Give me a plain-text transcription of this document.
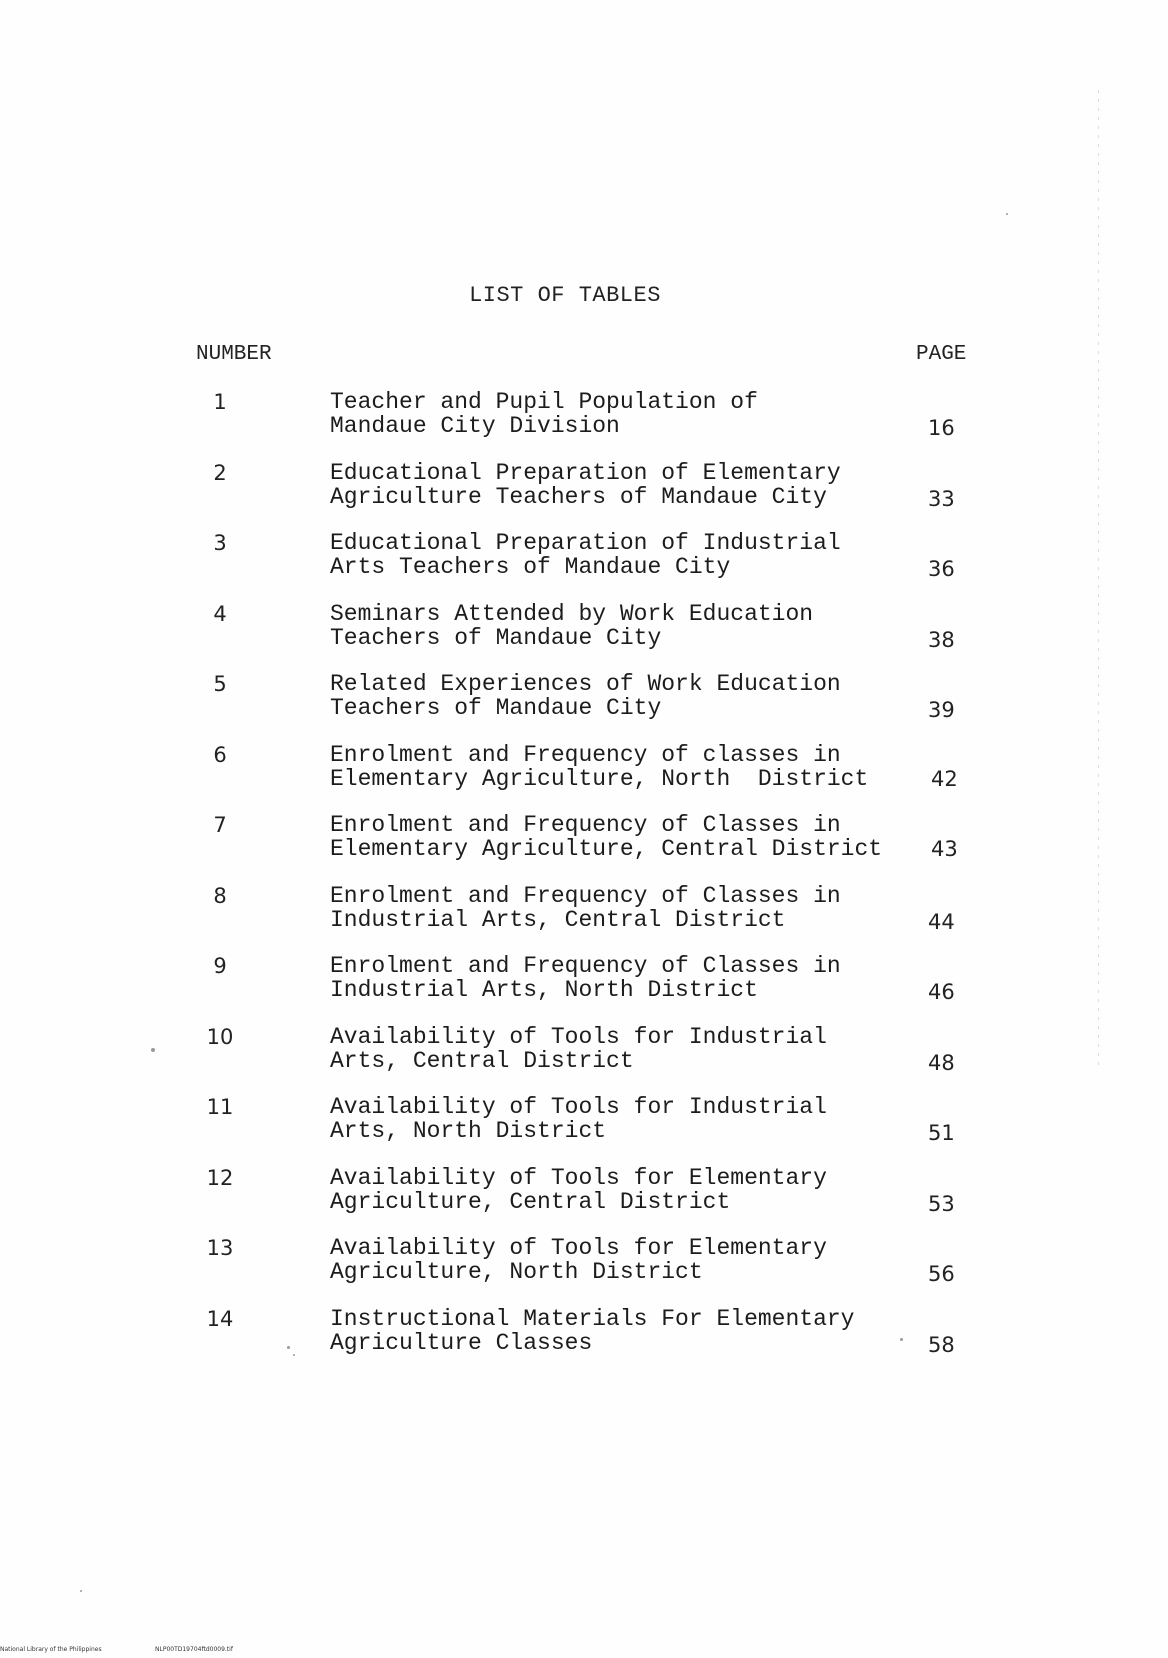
LIST OF TABLES
NUMBER	PAGE
1	Teacher and Pupil Population of
Mandaue City Division	16
2	Educational Preparation of Elementary
Agriculture Teachers of Mandaue City	33
3	Educational Preparation of Industrial
Arts Teachers of Mandaue City	36
4	Seminars Attended by Work Education
Teachers of Mandaue City	38
5	Related Experiences of Work Education
Teachers of Mandaue City	39
6	Enrolment and Frequency of classes in
Elementary Agriculture, North  District	42
7	Enrolment and Frequency of Classes in
Elementary Agriculture, Central District 43
8	Enrolment and Frequency of Classes in
Industrial Arts, Central District	44
9	Enrolment and Frequency of Classes in
Industrial Arts, North District	46
10	Availability of Tools for Industrial
Arts, Central District	48
11	Availability of Tools for Industrial
Arts, North District	51
12	Availability of Tools for Elementary
Agriculture, Central District	53
13	Availability of Tools for Elementary
Agriculture, North District	56
14	Instructional Materials For Elementary
Agriculture Classes	58
National Library of the Philippines	NLP00TD19704ftd0009.tif
